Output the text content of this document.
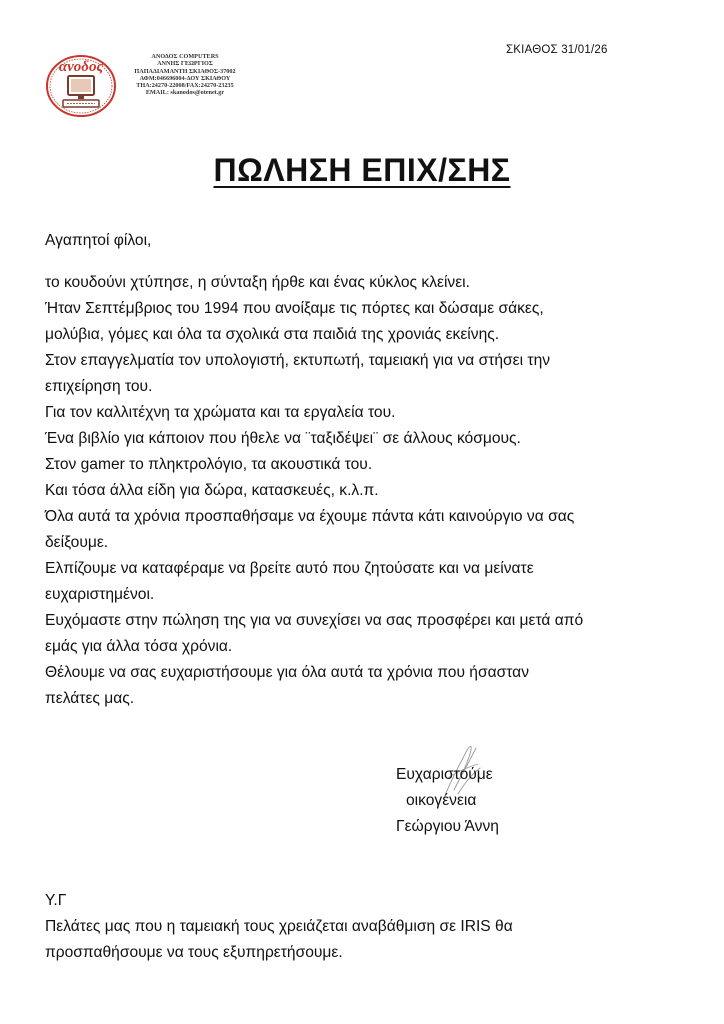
ΣΚΙΑΘΟΣ 31/01/26
ανοδος
ΑΝΟΔΟΣ COMPUTERS
ΑΝΝΗΣ ΓΕΩΡΓΙΟΣ
ΠΑΠΑΔΙΑΜΑΝΤΗ ΣΚΙΑΘΟΣ-37002
ΑΦΜ:046696004-ΔΟΥ ΣΚΙΑΘΟΥ
ΤΗΛ:24270-22008/FAX:24270-23235
EMAIL: skanodos@otenet.gr
ΠΩΛΗΣΗ ΕΠΙΧ/ΣΗΣ
Αγαπητοί φίλοι,
το κουδούνι χτύπησε, η σύνταξη ήρθε και ένας κύκλος κλείνει.
Ήταν Σεπτέμβριος του 1994 που ανοίξαμε τις πόρτες και δώσαμε σάκες,
μολύβια, γόμες και όλα τα σχολικά στα παιδιά της χρονιάς εκείνης.
Στον επαγγελματία τον υπολογιστή, εκτυπωτή, ταμειακή για να στήσει την
επιχείρηση του.
Για τον καλλιτέχνη τα χρώματα και τα εργαλεία του.
Ένα βιβλίο για κάποιον που ήθελε να ¨ταξιδέψει¨ σε άλλους κόσμους.
Στον gamer το πληκτρολόγιο, τα ακουστικά του.
Και τόσα άλλα είδη για δώρα, κατασκευές, κ.λ.π.
Όλα αυτά τα χρόνια προσπαθήσαμε να έχουμε πάντα κάτι καινούργιο να σας
δείξουμε.
Ελπίζουμε να καταφέραμε να βρείτε αυτό που ζητούσατε και να μείνατε
ευχαριστημένοι.
Ευχόμαστε στην πώληση της για να συνεχίσει να σας προσφέρει και μετά από
εμάς για άλλα τόσα χρόνια.
Θέλουμε να σας ευχαριστήσουμε για όλα αυτά τα χρόνια που ήσασταν
πελάτες μας.
Ευχαριστούμε
οικογένεια
Γεώργιου Άννη
Υ.Γ
Πελάτες μας που η ταμειακή τους χρειάζεται αναβάθμιση σε IRIS θα
προσπαθήσουμε να τους εξυπηρετήσουμε.
